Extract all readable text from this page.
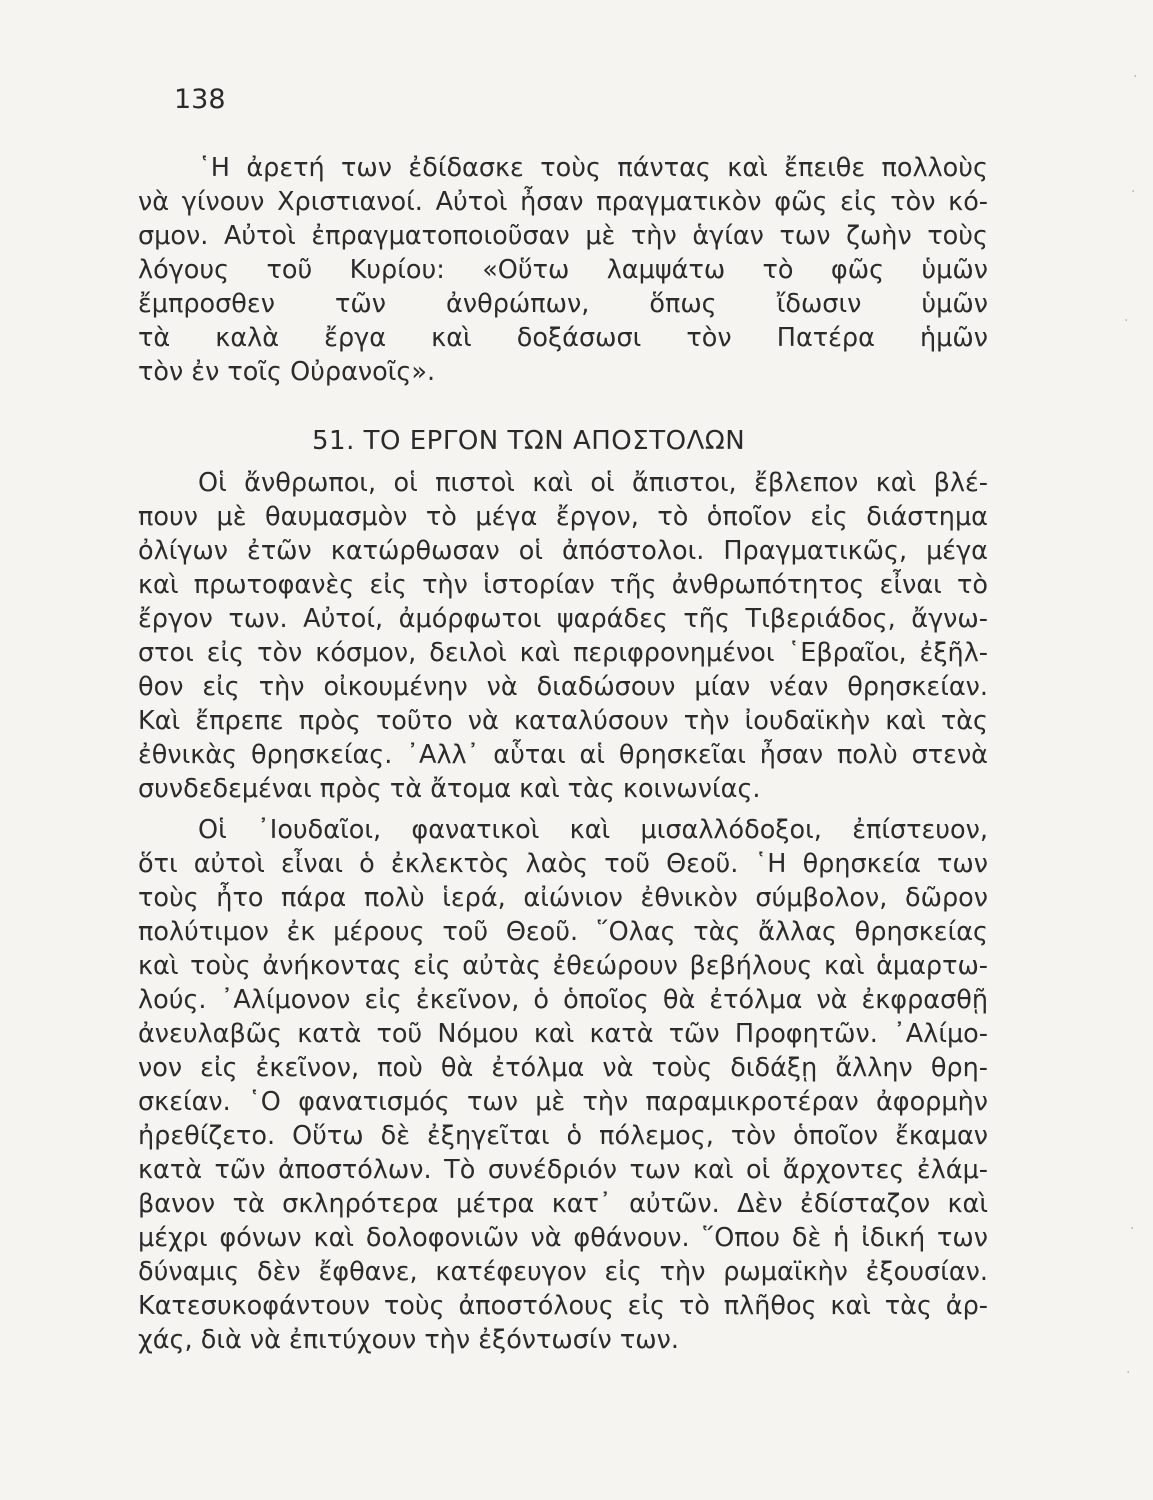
138
῾Η ἀρετή των ἐδίδασκε τοὺς πάντας καὶ ἔπειθε πολλοὺς
νὰ γίνουν Χριστιανοί. Αὐτοὶ ἦσαν πραγματικὸν φῶς εἰς τὸν κό-
σμον. Αὐτοὶ ἐπραγματοποιοῦσαν μὲ τὴν ἁγίαν των ζωὴν τοὺς
λόγους τοῦ Κυρίου: «Οὕτω λαμψάτω τὸ φῶς ὑμῶν
ἔμπροσθεν τῶν ἀνθρώπων, ὅπως ἴδωσιν ὑμῶν
τὰ καλὰ ἔργα καὶ δοξάσωσι τὸν Πατέρα ἡμῶν
τὸν ἐν τοῖς Οὐρανοῖς».
51. ΤΟ ΕΡΓΟΝ ΤΩΝ ΑΠΟΣΤΟΛΩΝ
Οἱ ἄνθρωποι, οἱ πιστοὶ καὶ οἱ ἄπιστοι, ἔβλεπον καὶ βλέ-
πουν μὲ θαυμασμὸν τὸ μέγα ἔργον, τὸ ὁποῖον εἰς διάστημα
ὀλίγων ἐτῶν κατώρθωσαν οἱ ἀπόστολοι. Πραγματικῶς, μέγα
καὶ πρωτοφανὲς εἰς τὴν ἱστορίαν τῆς ἀνθρωπότητος εἶναι τὸ
ἔργον των. Αὐτοί, ἀμόρφωτοι ψαράδες τῆς Τιβεριάδος, ἄγνω-
στοι εἰς τὸν κόσμον, δειλοὶ καὶ περιφρονημένοι ῾Εβραῖοι, ἐξῆλ-
θον εἰς τὴν οἰκουμένην νὰ διαδώσουν μίαν νέαν θρησκείαν.
Καὶ ἔπρεπε πρὸς τοῦτο νὰ καταλύσουν τὴν ἰουδαϊκὴν καὶ τὰς
ἐθνικὰς θρησκείας. ᾿Αλλ᾿ αὗται αἱ θρησκεῖαι ἦσαν πολὺ στενὰ
συνδεδεμέναι πρὸς τὰ ἄτομα καὶ τὰς κοινωνίας.
Οἱ ᾿Ιουδαῖοι, φανατικοὶ καὶ μισαλλόδοξοι, ἐπίστευον,
ὅτι αὐτοὶ εἶναι ὁ ἐκλεκτὸς λαὸς τοῦ Θεοῦ. ῾Η θρησκεία των
τοὺς ἦτο πάρα πολὺ ἱερά, αἰώνιον ἐθνικὸν σύμβολον, δῶρον
πολύτιμον ἐκ μέρους τοῦ Θεοῦ. ῞Ολας τὰς ἄλλας θρησκείας
καὶ τοὺς ἀνήκοντας εἰς αὐτὰς ἐθεώρουν βεβήλους καὶ ἁμαρτω-
λούς. ᾿Αλίμονον εἰς ἐκεῖνον, ὁ ὁποῖος θὰ ἐτόλμα νὰ ἐκφρασθῇ
ἀνευλαβῶς κατὰ τοῦ Νόμου καὶ κατὰ τῶν Προφητῶν. ᾿Αλίμο-
νον εἰς ἐκεῖνον, ποὺ θὰ ἐτόλμα νὰ τοὺς διδάξῃ ἄλλην θρη-
σκείαν. ῾Ο φανατισμός των μὲ τὴν παραμικροτέραν ἀφορμὴν
ἠρεθίζετο. Οὕτω δὲ ἐξηγεῖται ὁ πόλεμος, τὸν ὁποῖον ἔκαμαν
κατὰ τῶν ἀποστόλων. Τὸ συνέδριόν των καὶ οἱ ἄρχοντες ἐλάμ-
βανον τὰ σκληρότερα μέτρα κατ᾿ αὐτῶν. Δὲν ἐδίσταζον καὶ
μέχρι φόνων καὶ δολοφονιῶν νὰ φθάνουν. ῞Οπου δὲ ἡ ἰδική των
δύναμις δὲν ἔφθανε, κατέφευγον εἰς τὴν ρωμαϊκὴν ἐξουσίαν.
Κατεσυκοφάντουν τοὺς ἀποστόλους εἰς τὸ πλῆθος καὶ τὰς ἀρ-
χάς, διὰ νὰ ἐπιτύχουν τὴν ἐξόντωσίν των.
·
·
·
·
·
